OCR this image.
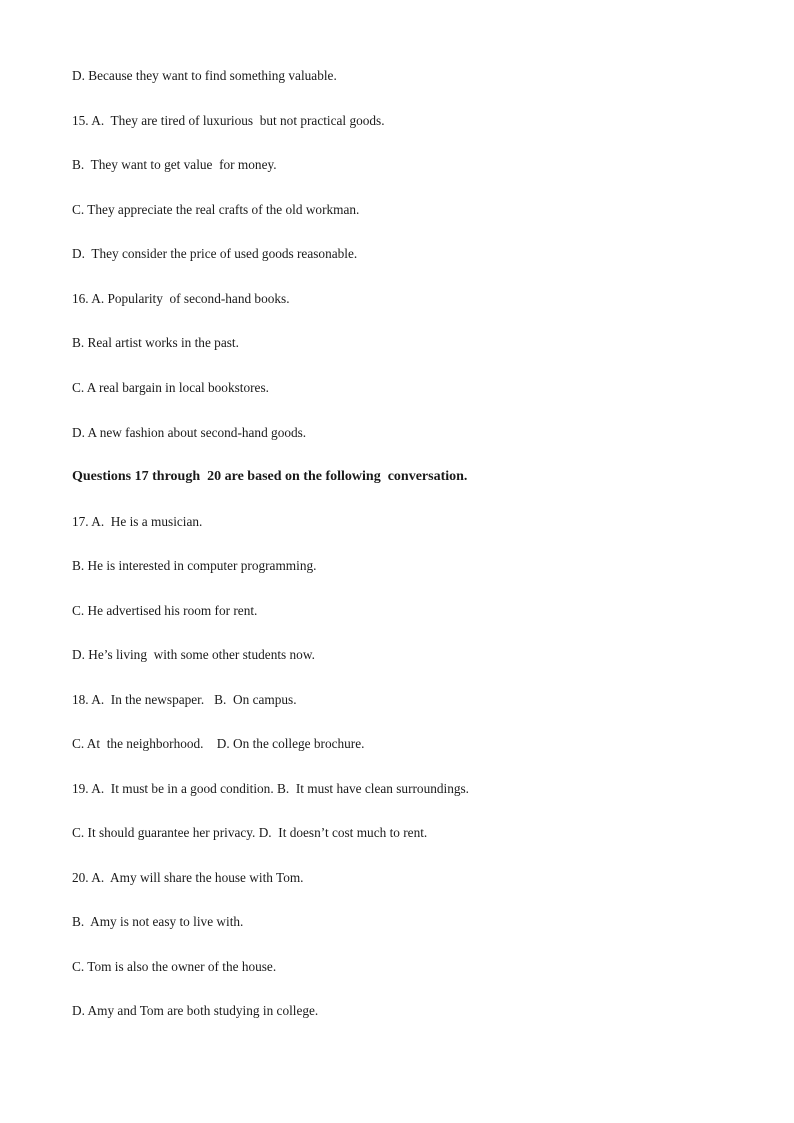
D. Because they want to find something valuable.
15. A.  They are tired of luxurious  but not practical goods.
B.  They want to get value  for money.
C. They appreciate the real crafts of the old workman.
D.  They consider the price of used goods reasonable.
16. A. Popularity  of second-hand books.
B. Real artist works in the past.
C. A real bargain in local bookstores.
D. A new fashion about second-hand goods.
Questions 17 through  20 are based on the following  conversation.
17. A.  He is a musician.
B. He is interested in computer programming.
C. He advertised his room for rent.
D. He’s living  with some other students now.
18. A.  In the newspaper.   B.  On campus.
C. At  the neighborhood.    D. On the college brochure.
19. A.  It must be in a good condition. B.  It must have clean surroundings.
C. It should guarantee her privacy. D.  It doesn’t cost much to rent.
20. A.  Amy will share the house with Tom.
B.  Amy is not easy to live with.
C. Tom is also the owner of the house.
D. Amy and Tom are both studying in college.
